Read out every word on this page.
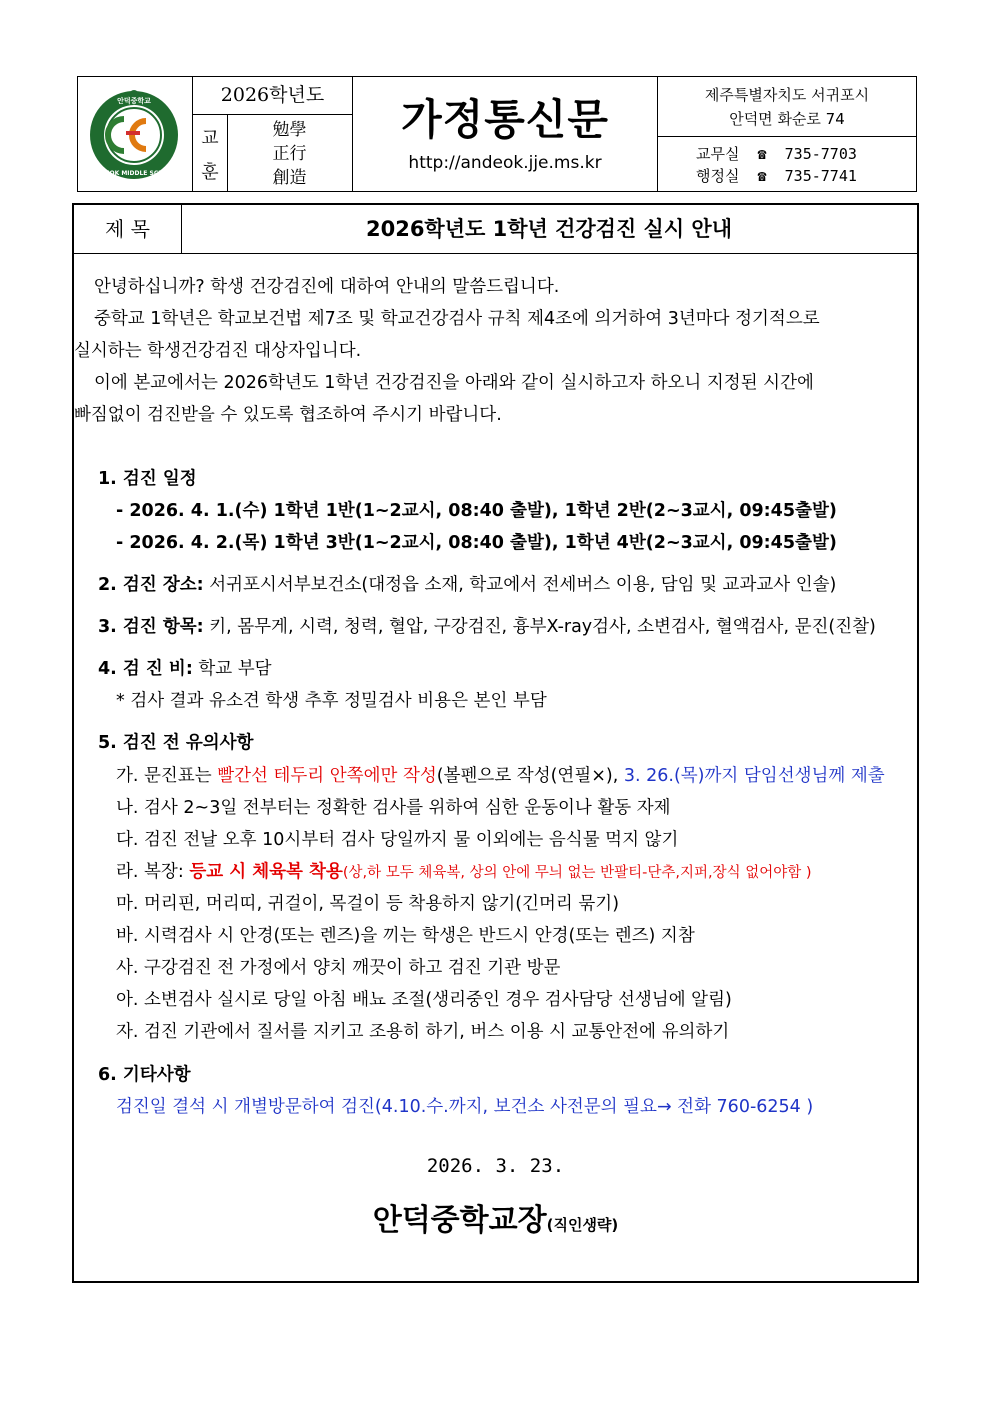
안덕중학교
ANDEOK MIDDLE SCHOOL
2026학년도
교
훈
勉學
正行
創造
가정통신문
http://andeok.jje.ms.kr
제주특별자치도 서귀포시
안덕면 화순로 74
교무실  ☎  735-7703
행정실  ☎  735-7741
제 목	2026학년도 1학년 건강검진 실시 안내
안녕하십니까? 학생 건강검진에 대하여 안내의 말씀드립니다.
중학교 1학년은 학교보건법 제7조 및 학교건강검사 규칙 제4조에 의거하여 3년마다 정기적으로
실시하는 학생건강검진 대상자입니다.
이에 본교에서는 2026학년도 1학년 건강검진을 아래와 같이 실시하고자 하오니 지정된 시간에
빠짐없이 검진받을 수 있도록 협조하여 주시기 바랍니다.
1. 검진 일정
- 2026. 4. 1.(수) 1학년 1반(1~2교시, 08:40 출발), 1학년 2반(2~3교시, 09:45출발)
- 2026. 4. 2.(목) 1학년 3반(1~2교시, 08:40 출발), 1학년 4반(2~3교시, 09:45출발)
2. 검진 장소: 서귀포시서부보건소(대정읍 소재, 학교에서 전세버스 이용, 담임 및 교과교사 인솔)
3. 검진 항목: 키, 몸무게, 시력, 청력, 혈압, 구강검진, 흉부X-ray검사, 소변검사, 혈액검사, 문진(진찰)
4. 검 진 비: 학교 부담
* 검사 결과 유소견 학생 추후 정밀검사 비용은 본인 부담
5. 검진 전 유의사항
가. 문진표는 빨간선 테두리 안쪽에만 작성(볼펜으로 작성(연필×), 3. 26.(목)까지 담임선생님께 제출
나. 검사 2~3일 전부터는 정확한 검사를 위하여 심한 운동이나 활동 자제
다. 검진 전날 오후 10시부터 검사 당일까지 물 이외에는 음식물 먹지 않기
라. 복장: 등교 시 체육복 착용(상,하 모두 체육복, 상의 안에 무늬 없는 반팔티-단추,지퍼,장식 없어야함 )
마. 머리핀, 머리띠, 귀걸이, 목걸이 등 착용하지 않기(긴머리 묶기)
바. 시력검사 시 안경(또는 렌즈)을 끼는 학생은 반드시 안경(또는 렌즈) 지참
사. 구강검진 전 가정에서 양치 깨끗이 하고 검진 기관 방문
아. 소변검사 실시로 당일 아침 배뇨 조절(생리중인 경우 검사담당 선생님에 알림)
자. 검진 기관에서 질서를 지키고 조용히 하기, 버스 이용 시 교통안전에 유의하기
6. 기타사항
검진일 결석 시 개별방문하여 검진(4.10.수.까지, 보건소 사전문의 필요→ 전화 760-6254 )
2026. 3. 23.
안덕중학교장(직인생략)
